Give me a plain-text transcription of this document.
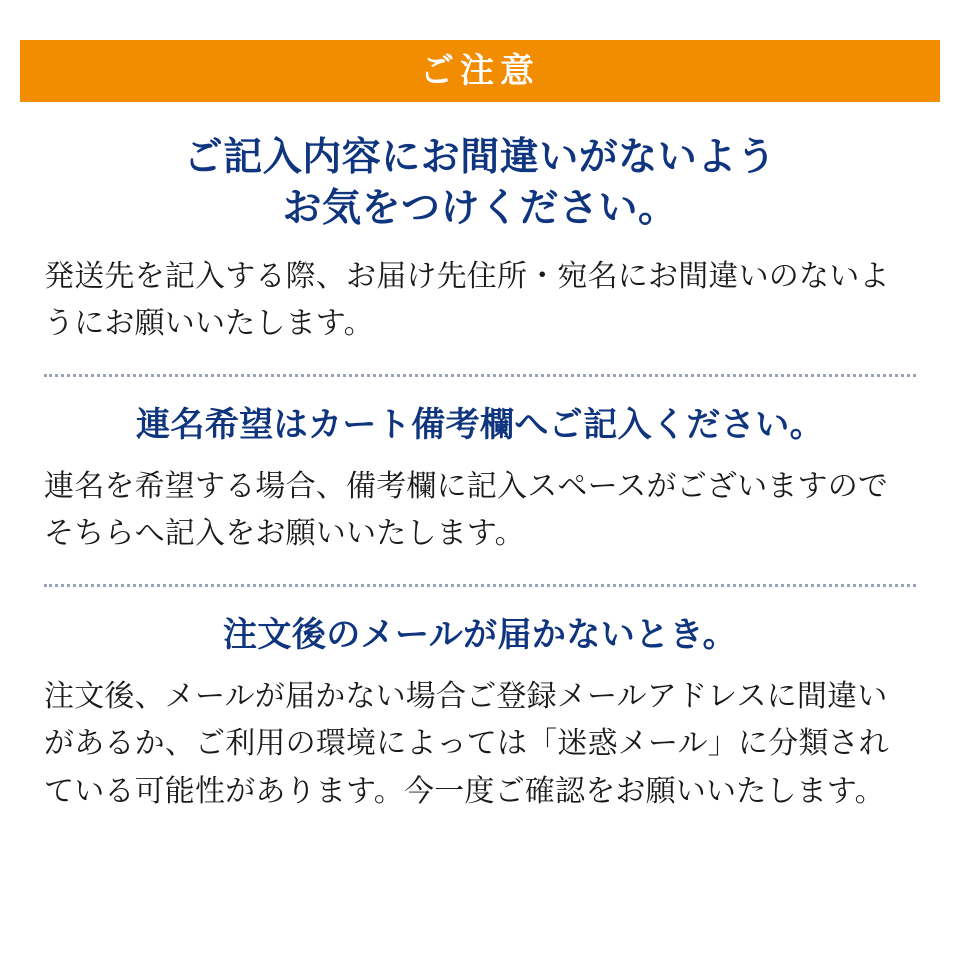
ご注意
ご記入内容にお間違いがないよう
お気をつけください。

発送先を記入する際、お届け先住所・宛名にお間違いのないようにお願いいたします。

連名希望はカート備考欄へご記入ください。

連名を希望する場合、備考欄に記入スペースがございますのでそちらへ記入をお願いいたします。

注文後のメールが届かないとき。

注文後、メールが届かない場合ご登録メールアドレスに間違いがあるか、ご利用の環境によっては「迷惑メール」に分類されている可能性があります。今一度ご確認をお願いいたします。
